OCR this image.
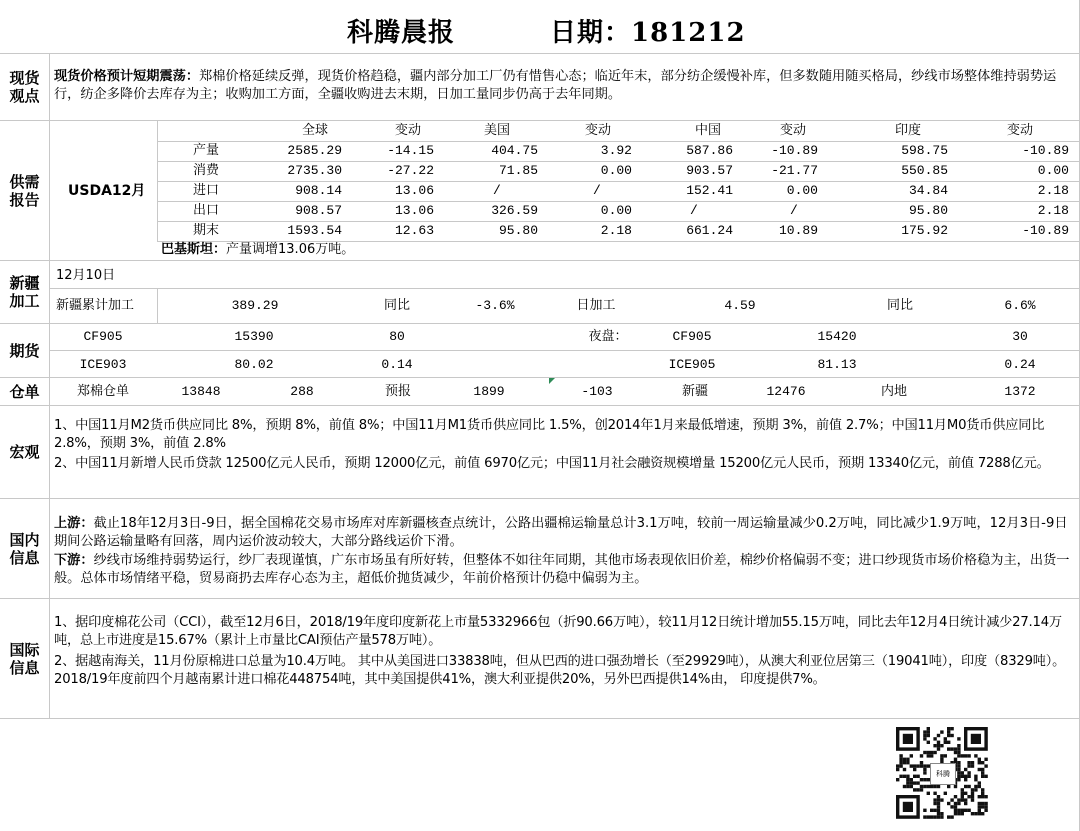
科腾晨报	日期：181212
现货观点
现货价格预计短期震荡：郑棉价格延续反弹，现货价格趋稳，疆内部分加工厂仍有惜售心态；临近年末，部分纺企缓慢补库，但多数随用随买格局，纱线市场整体维持弱势运行，纺企多降价去库存为主；收购加工方面，全疆收购进去末期，日加工量同步仍高于去年同期。
供需报告 USDA12月
全球	变动	美国	变动	中国	变动	印度	变动
产量	2585.29	-14.15	404.75	3.92	587.86	-10.89	598.75	-10.89
消费	2735.30	-27.22	71.85	0.00	903.57	-21.77	550.85	0.00
进口	908.14	13.06	/	/	152.41	0.00	34.84	2.18
出口	908.57	13.06	326.59	0.00	/	/	95.80	2.18
期末	1593.54	12.63	95.80	2.18	661.24	10.89	175.92	-10.89
巴基斯坦：产量调增13.06万吨。
新疆加工
12月10日
新疆累计加工	389.29	同比	-3.6%	日加工	4.59	同比	6.6%
期货
CF905	15390	80	夜盘：	CF905	15420	30
ICE903	80.02	0.14	ICE905	81.13	0.24
仓单	郑棉仓单	13848	288	预报	1899	-103	新疆	12476	内地	1372
宏观
1、中国11月M2货币供应同比 8%，预期 8%，前值 8%；中国11月M1货币供应同比 1.5%，创2014年1月来最低增速，预期 3%，前值 2.7%；中国11月M0货币供应同比 2.8%，预期 3%，前值 2.8%
2、中国11月新增人民币贷款 12500亿元人民币，预期 12000亿元，前值 6970亿元；中国11月社会融资规模增量 15200亿元人民币，预期 13340亿元，前值 7288亿元。
国内信息
上游：截止18年12月3日-9日，据全国棉花交易市场库对库新疆核查点统计，公路出疆棉运输量总计3.1万吨，较前一周运输量减少0.2万吨，同比减少1.9万吨，12月3日-9日期间公路运输量略有回落，周内运价波动较大，大部分路线运价下滑。
下游：纱线市场维持弱势运行，纱厂表现谨慎，广东市场虽有所好转，但整体不如往年同期，其他市场表现依旧价差，棉纱价格偏弱不变；进口纱现货市场价格稳为主，出货一般。总体市场情绪平稳，贸易商扔去库存心态为主，超低价抛货减少，年前价格预计仍稳中偏弱为主。
国际信息
1、据印度棉花公司（CCI），截至12月6日，2018/19年度印度新花上市量5332966包（折90.66万吨），较11月12日统计增加55.15万吨，同比去年12月4日统计减少27.14万吨，总上市进度是15.67%（累计上市量比CAI预估产量578万吨）。
2、据越南海关，11月份原棉进口总量为10.4万吨。 其中从美国进口33838吨，但从巴西的进口强劲增长（至29929吨），从澳大利亚位居第三（19041吨），印度（8329吨）。2018/19年度前四个月越南累计进口棉花448754吨，其中美国提供41%，澳大利亚提供20%，另外巴西提供14%由， 印度提供7%。
科腾
